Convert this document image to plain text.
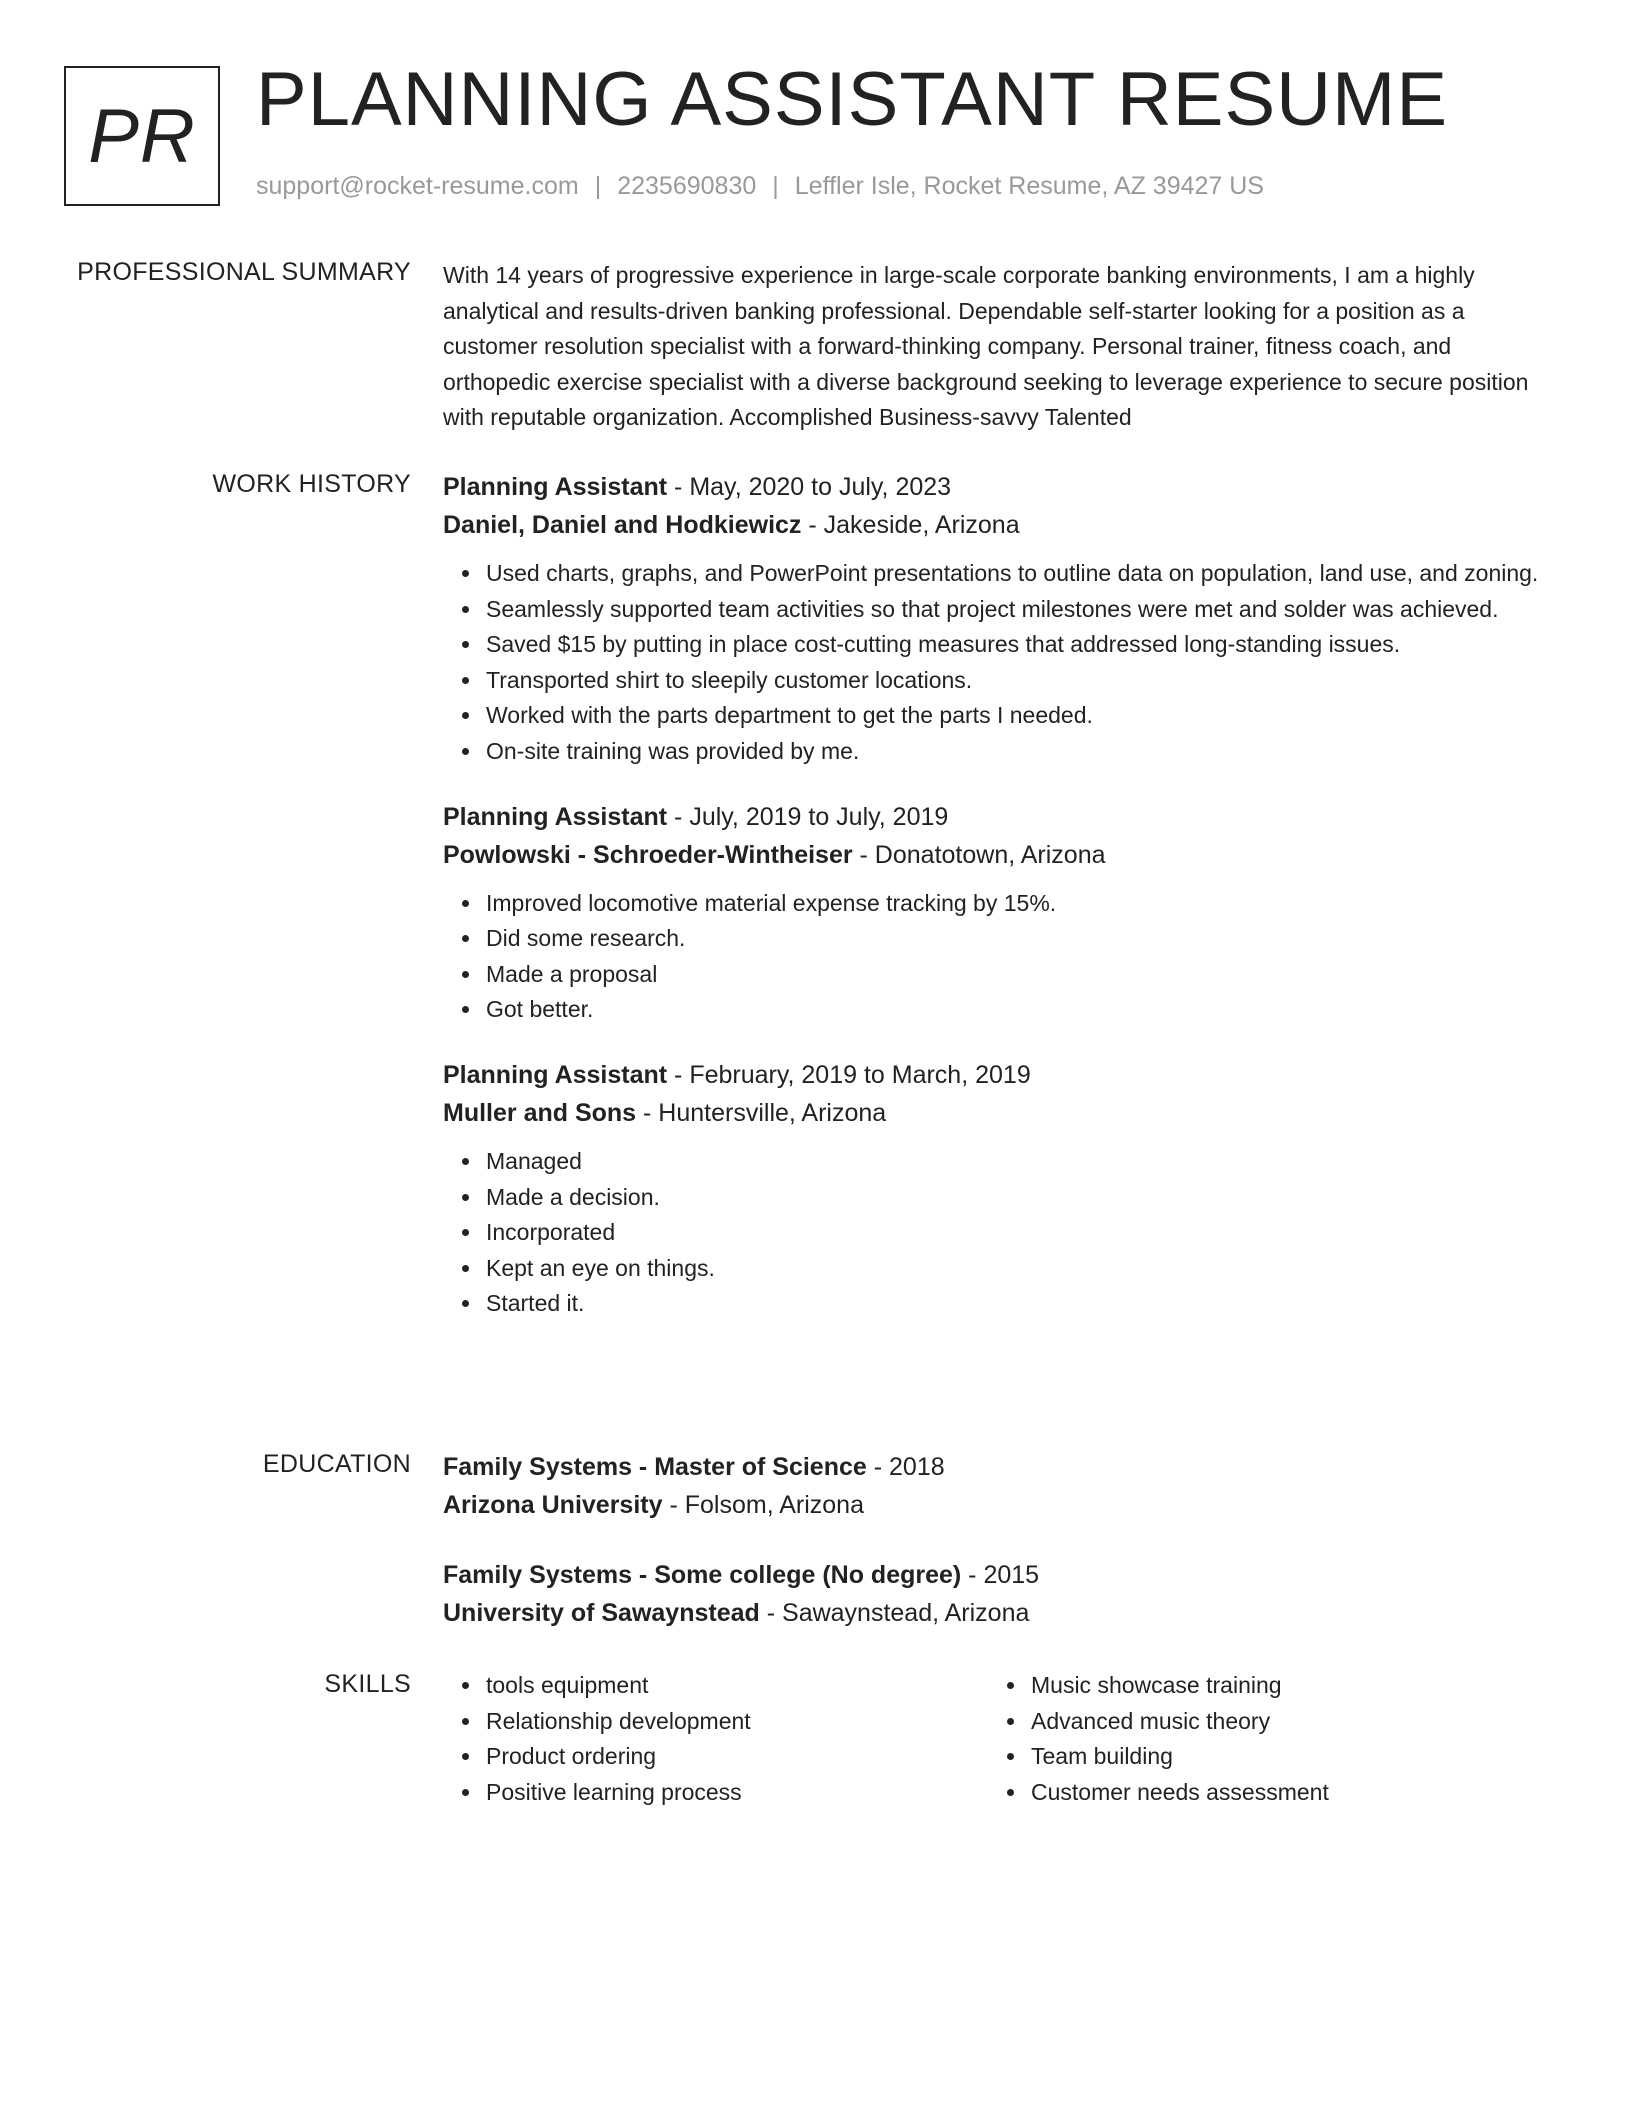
PR PLANNING ASSISTANT RESUME
support@rocket-resume.com | 2235690830 | Leffler Isle, Rocket Resume, AZ 39427 US
PROFESSIONAL SUMMARY With 14 years of progressive experience in large-scale corporate banking environments, I am a highly analytical and results-driven banking professional. Dependable self-starter looking for a position as a customer resolution specialist with a forward-thinking company. Personal trainer, fitness coach, and orthopedic exercise specialist with a diverse background seeking to leverage experience to secure position with reputable organization. Accomplished Business-savvy Talented

WORK HISTORY Planning Assistant - May, 2020 to July, 2023

Daniel, Daniel and Hodkiewicz - Jakeside, Arizona

Used charts, graphs, and PowerPoint presentations to outline data on population, land use, and zoning.
Seamlessly supported team activities so that project milestones were met and solder was achieved.
Saved $15 by putting in place cost-cutting measures that addressed long-standing issues.
Transported shirt to sleepily customer locations.
Worked with the parts department to get the parts I needed.
On-site training was provided by me.

Planning Assistant - July, 2019 to July, 2019

Powlowski - Schroeder-Wintheiser - Donatotown, Arizona

Improved locomotive material expense tracking by 15%.
Did some research.
Made a proposal
Got better.

Planning Assistant - February, 2019 to March, 2019

Muller and Sons - Huntersville, Arizona

Managed
Made a decision.
Incorporated
Kept an eye on things.
Started it.
EDUCATION Family Systems - Master of Science - 2018

Arizona University - Folsom, Arizona

Family Systems - Some college (No degree) - 2015

University of Sawaynstead - Sawaynstead, Arizona

SKILLS	tools equipment
Relationship development
Product ordering
Positive learning process
Music showcase training
Advanced music theory
Team building
Customer needs assessment
